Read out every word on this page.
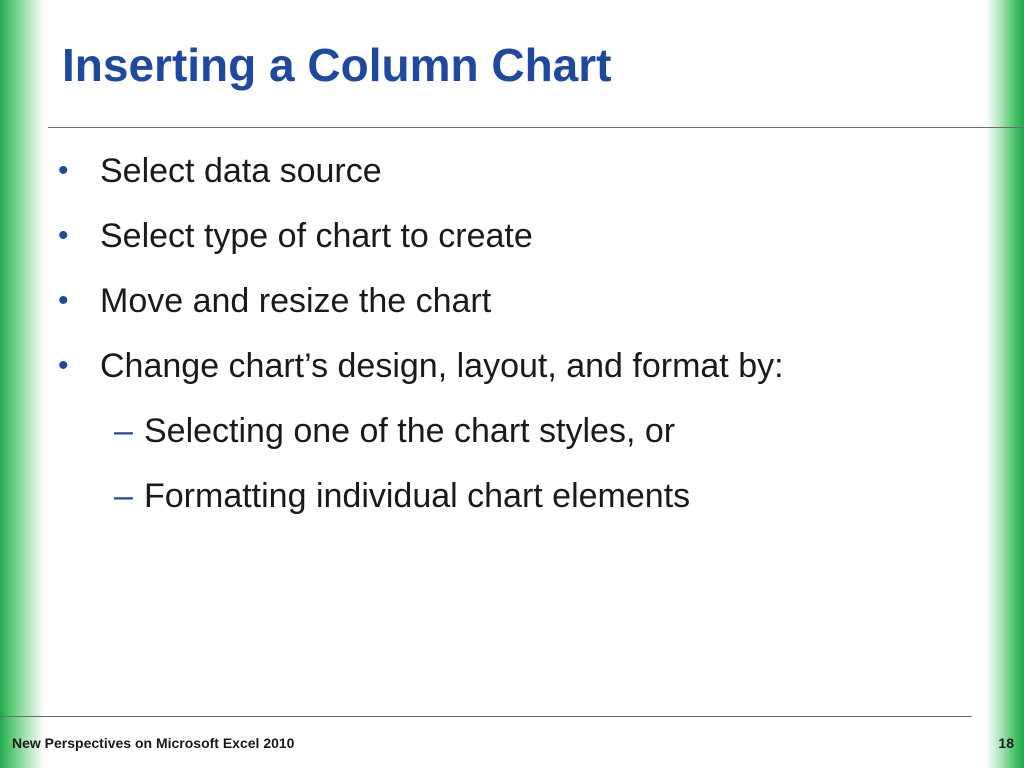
Inserting a Column Chart
• Select data source
• Select type of chart to create
• Move and resize the chart
• Change chart’s design, layout, and format by:
– Selecting one of the chart styles, or
– Formatting individual chart elements
New Perspectives on Microsoft Excel 2010	18
